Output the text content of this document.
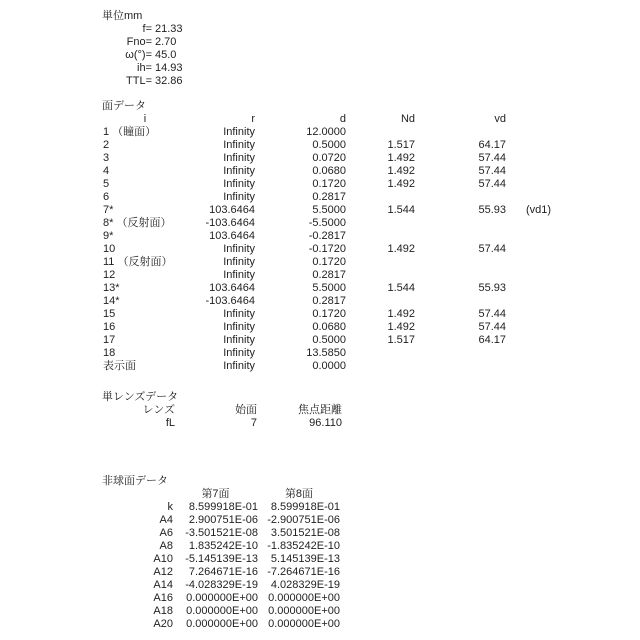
単位mm
f= 21.33
Fno= 2.70
ω(°)= 45.0
ih= 14.93
TTL= 32.86
面データ
i	r	d	Nd	vd
1 （瞳面）	Infinity	12.0000
2	Infinity	0.5000	1.517	64.17
3	Infinity	0.0720	1.492	57.44
4	Infinity	0.0680	1.492	57.44
5	Infinity	0.1720	1.492	57.44
6	Infinity	0.2817
7*	103.6464	5.5000	1.544	55.93	(vd1)
8* （反射面）	-103.6464	-5.5000
9*	103.6464	-0.2817
10	Infinity	-0.1720	1.492	57.44
11 （反射面）	Infinity	0.1720
12	Infinity	0.2817
13*	103.6464	5.5000	1.544	55.93
14*	-103.6464	0.2817
15	Infinity	0.1720	1.492	57.44
16	Infinity	0.0680	1.492	57.44
17	Infinity	0.5000	1.517	64.17
18	Infinity	13.5850
表示面	Infinity	0.0000
単レンズデータ
レンズ	始面	焦点距離
fL	7	96.110
非球面データ
第7面	第8面
k	8.599918E-01	8.599918E-01
A4	2.900751E-06 -2.900751E-06
A6	-3.501521E-08	3.501521E-08
A8	1.835242E-10 -1.835242E-10
A10	-5.145139E-13	5.145139E-13
A12	7.264671E-16 -7.264671E-16
A14	-4.028329E-19	4.028329E-19
A16	0.000000E+00 0.000000E+00
A18	0.000000E+00 0.000000E+00
A20	0.000000E+00 0.000000E+00
